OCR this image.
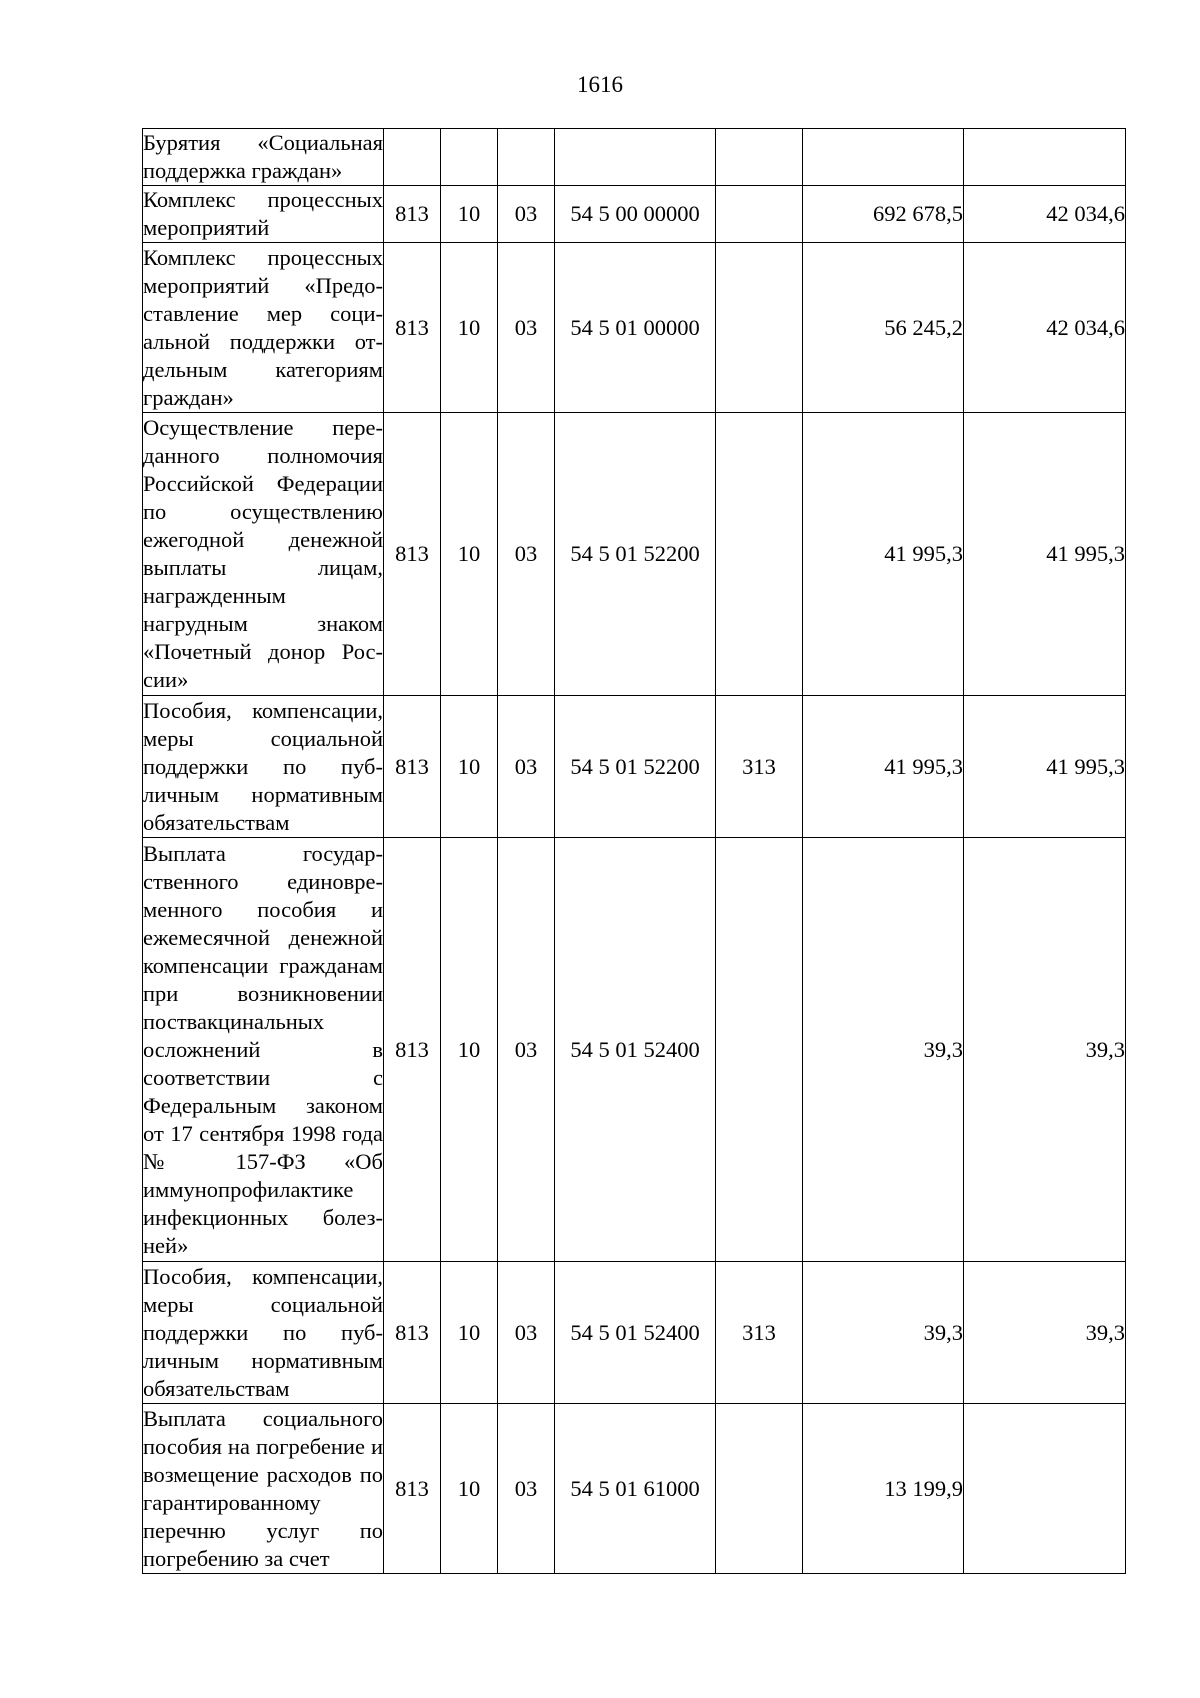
1616
Бурятия «Социальная поддержка граждан»							
Комплекс процессных мероприятий	813	10	03	54 5 00 00000		692 678,5	42 034,6
Комплекс процессных мероприятий «Предоставление мер социальной поддержки отдельным категориям граждан»	813	10	03	54 5 01 00000		56 245,2	42 034,6
Осуществление переданного полномочия Российской Федерации по осуществлению ежегодной денежной выплаты лицам, награжденным нагрудным знаком «Почетный донор России»	813	10	03	54 5 01 52200		41 995,3	41 995,3
Пособия, компенсации, меры социальной поддержки по публичным нормативным обязательствам	813	10	03	54 5 01 52200	313	41 995,3	41 995,3
Выплата государственного единовременного пособия и ежемесячной денежной компенсации гражданам при возникновении поствакцинальных осложнений в соответствии с Федеральным законом от 17 сентября 1998 года № 157-ФЗ «Об иммунопрофилактике инфекционных болезней»	813	10	03	54 5 01 52400		39,3	39,3
Пособия, компенсации, меры социальной поддержки по публичным нормативным обязательствам	813	10	03	54 5 01 52400	313	39,3	39,3
Выплата социального пособия на погребение и возмещение расходов по гарантированному перечню услуг по погребению за счет	813	10	03	54 5 01 61000		13 199,9	
